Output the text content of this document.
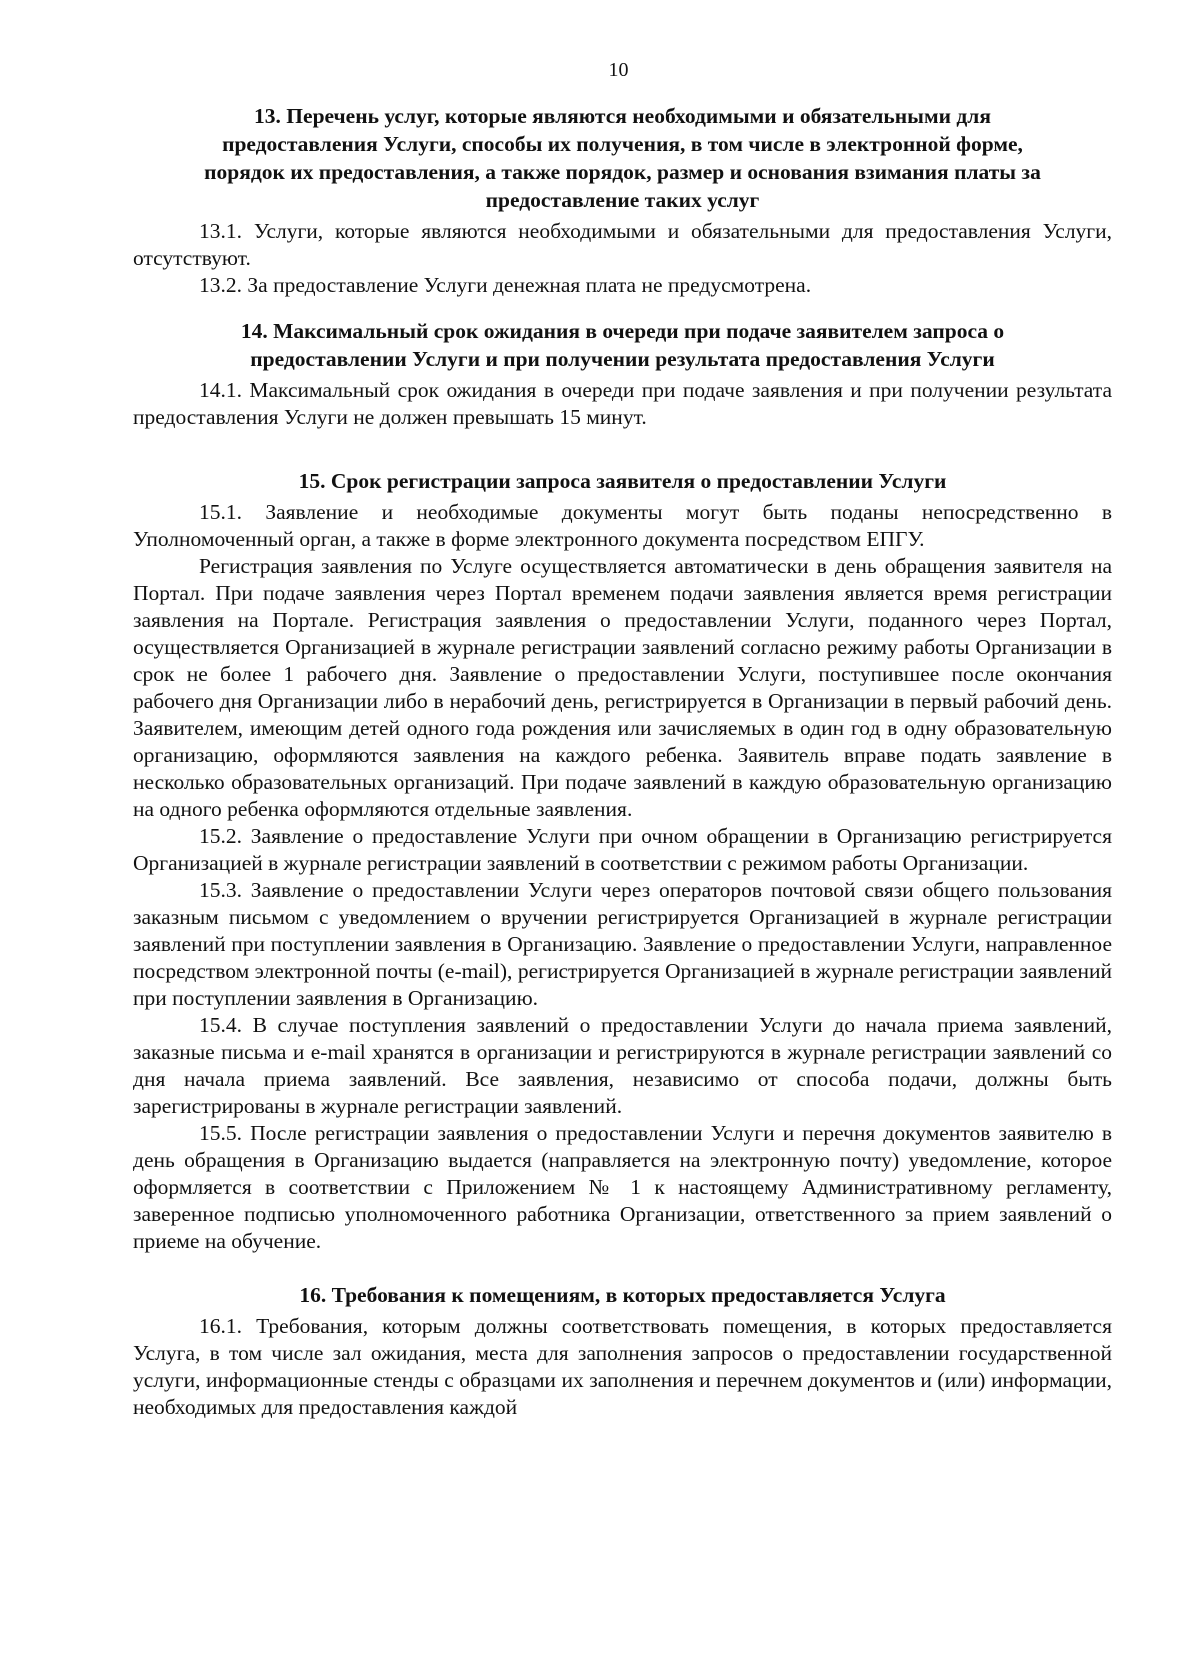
10
13. Перечень услуг, которые являются необходимыми и обязательными для
предоставления Услуги, способы их получения, в том числе в электронной форме,
порядок их предоставления, а также порядок, размер и основания взимания платы за
предоставление таких услуг

13.1. Услуги, которые являются необходимыми и обязательными для предоставления Услуги, отсутствуют.

13.2. За предоставление Услуги денежная плата не предусмотрена.

14. Максимальный срок ожидания в очереди при подаче заявителем запроса о
предоставлении Услуги и при получении результата предоставления Услуги

14.1. Максимальный срок ожидания в очереди при подаче заявления и при получении результата предоставления Услуги не должен превышать 15 минут.

15. Срок регистрации запроса заявителя о предоставлении Услуги

15.1. Заявление и необходимые документы могут быть поданы непосредственно в Уполномоченный орган, а также в форме электронного документа посредством ЕПГУ.

Регистрация заявления по Услуге осуществляется автоматически в день обращения заявителя на Портал. При подаче заявления через Портал временем подачи заявления является время регистрации заявления на Портале. Регистрация заявления о предоставлении Услуги, поданного через Портал, осуществляется Организацией в журнале регистрации заявлений согласно режиму работы Организации в срок не более 1 рабочего дня. Заявление о предоставлении Услуги, поступившее после окончания рабочего дня Организации либо в нерабочий день, регистрируется в Организации в первый рабочий день. Заявителем, имеющим детей одного года рождения или зачисляемых в один год в одну образовательную организацию, оформляются заявления на каждого ребенка. Заявитель вправе подать заявление в несколько образовательных организаций. При подаче заявлений в каждую образовательную организацию на одного ребенка оформляются отдельные заявления.

15.2. Заявление о предоставление Услуги при очном обращении в Организацию регистрируется Организацией в журнале регистрации заявлений в соответствии с режимом работы Организации.

15.3. Заявление о предоставлении Услуги через операторов почтовой связи общего пользования заказным письмом с уведомлением о вручении регистрируется Организацией в журнале регистрации заявлений при поступлении заявления в Организацию. Заявление о предоставлении Услуги, направленное посредством электронной почты (e-mail), регистрируется Организацией в журнале регистрации заявлений при поступлении заявления в Организацию.

15.4. В случае поступления заявлений о предоставлении Услуги до начала приема заявлений, заказные письма и e-mail хранятся в организации и регистрируются в журнале регистрации заявлений со дня начала приема заявлений. Все заявления, независимо от способа подачи, должны быть зарегистрированы в журнале регистрации заявлений.

15.5. После регистрации заявления о предоставлении Услуги и перечня документов заявителю в день обращения в Организацию выдается (направляется на электронную почту) уведомление, которое оформляется в соответствии с Приложением № 1 к настоящему Административному регламенту, заверенное подписью уполномоченного работника Организации, ответственного за прием заявлений о приеме на обучение.

16. Требования к помещениям, в которых предоставляется Услуга

16.1. Требования, которым должны соответствовать помещения, в которых предоставляется Услуга, в том числе зал ожидания, места для заполнения запросов о предоставлении государственной услуги, информационные стенды с образцами их заполнения и перечнем документов и (или) информации, необходимых для предоставления каждой
